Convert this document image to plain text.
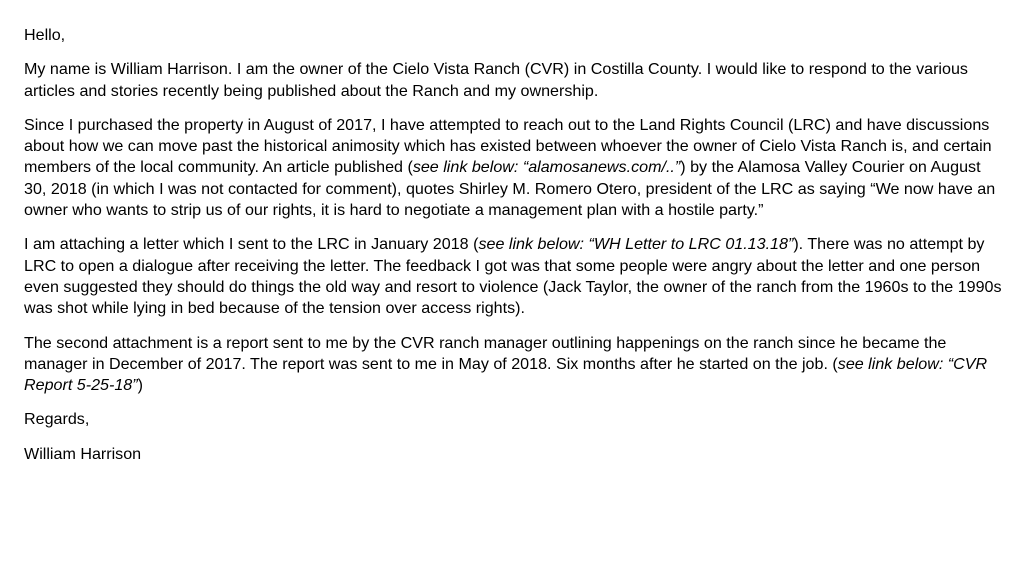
Hello,

My name is William Harrison. I am the owner of the Cielo Vista Ranch (CVR) in Costilla County. I would like to respond to the various articles and stories recently being published about the Ranch and my ownership.

Since I purchased the property in August of 2017, I have attempted to reach out to the Land Rights Council (LRC) and have discussions about how we can move past the historical animosity which has existed between whoever the owner of Cielo Vista Ranch is, and certain members of the local community. An article published (see link below: “alamosanews.com/..”) by the Alamosa Valley Courier on August 30, 2018 (in which I was not contacted for comment), quotes Shirley M. Romero Otero, president of the LRC as saying “We now have an owner who wants to strip us of our rights, it is hard to negotiate a management plan with a hostile party.”

I am attaching a letter which I sent to the LRC in January 2018 (see link below: “WH Letter to LRC 01.13.18”). There was no attempt by LRC to open a dialogue after receiving the letter. The feedback I got was that some people were angry about the letter and one person even suggested they should do things the old way and resort to violence (Jack Taylor, the owner of the ranch from the 1960s to the 1990s was shot while lying in bed because of the tension over access rights).

The second attachment is a report sent to me by the CVR ranch manager outlining happenings on the ranch since he became the manager in December of 2017. The report was sent to me in May of 2018. Six months after he started on the job. (see link below: “CVR Report 5-25-18”)

Regards,

William Harrison
